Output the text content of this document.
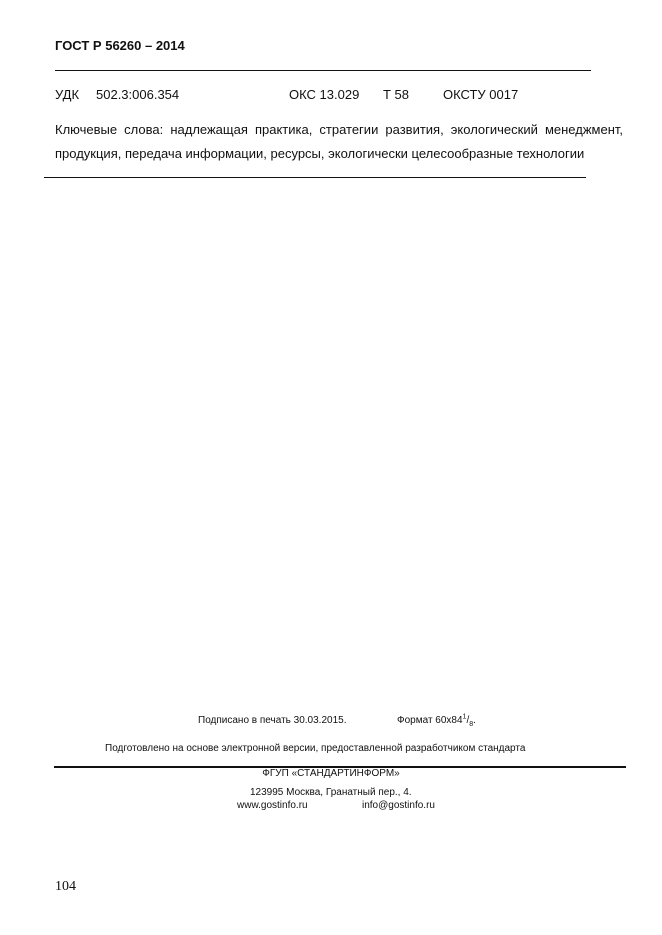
ГОСТ Р 56260 – 2014
УДК 502.3:006.354	ОКС 13.029 Т 58	ОКСТУ 0017
Ключевые слова: надлежащая практика, стратегии развития, экологический менеджмент,
продукция, передача информации, ресурсы, экологически целесообразные технологии
Подписано в печать 30.03.2015.	Формат $60x84^1/_8$.
Подготовлено на основе электронной версии, предоставленной разработчиком стандарта
ФГУП «СТАНДАРТИНФОРМ»
123995 Москва, Гранатный пер., 4.
www.gostinfo.ru	info@gostinfo.ru
104
